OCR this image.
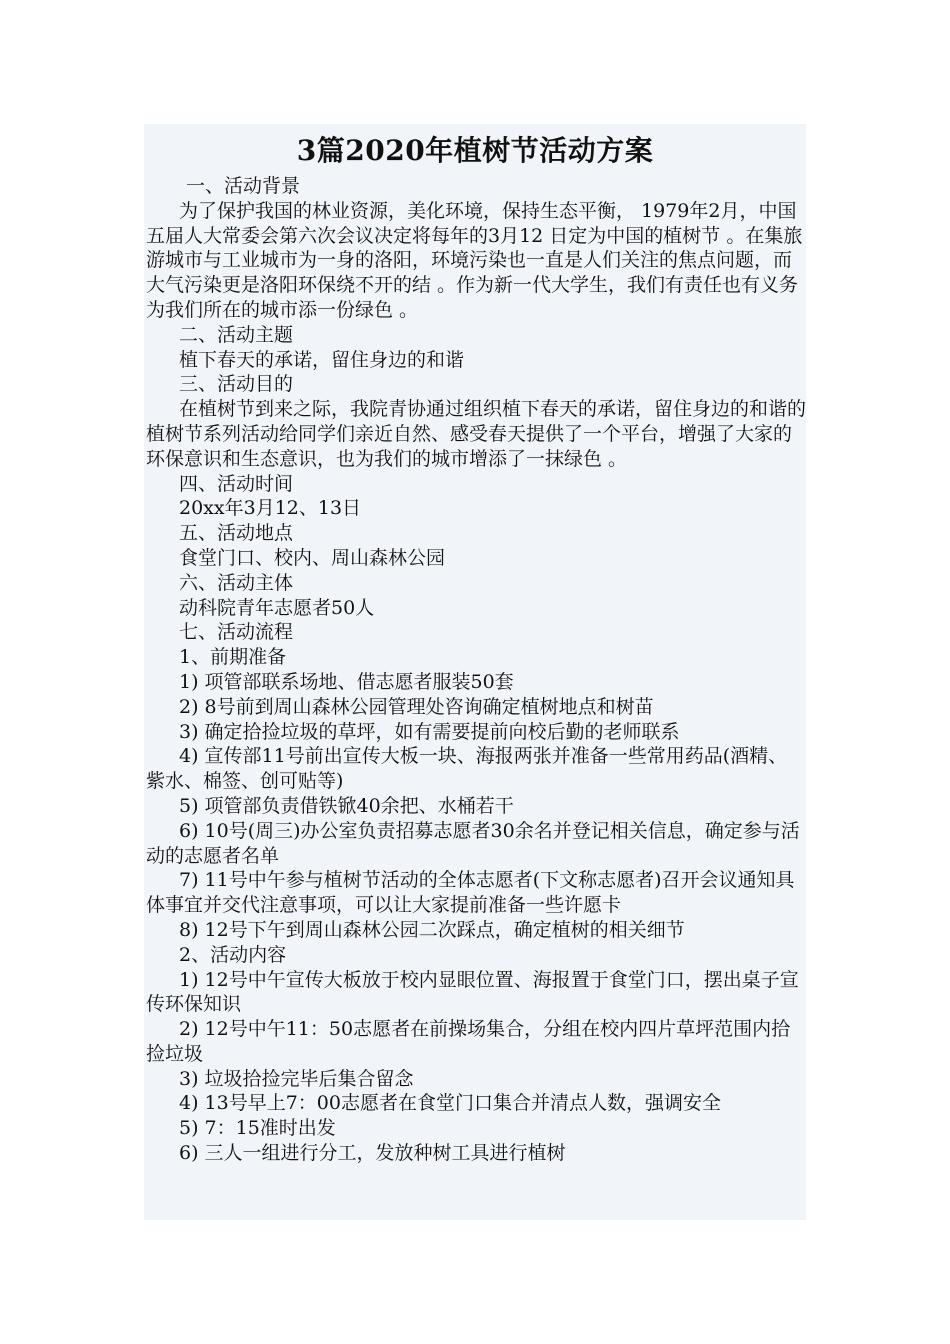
3篇2020年植树节活动方案
一、活动背景
为了保护我国的林业资源，美化环境，保持生态平衡， 1979年2月，中国五届人大常委会第六次会议决定将每年的3月12 日定为中国的植树节 。在集旅游城市与工业城市为一身的洛阳，环境污染也一直是人们关注的焦点问题，而大气污染更是洛阳环保绕不开的结 。作为新一代大学生，我们有责任也有义务为我们所在的城市添一份绿色 。
二、活动主题
植下春天的承诺，留住身边的和谐
三、活动目的
在植树节到来之际，我院青协通过组织植下春天的承诺，留住身边的和谐的植树节系列活动给同学们亲近自然、感受春天提供了一个平台，增强了大家的环保意识和生态意识，也为我们的城市增添了一抹绿色 。
四、活动时间
20xx年3月12、13日
五、活动地点
食堂门口、校内、周山森林公园
六、活动主体
动科院青年志愿者50人
七、活动流程
1、前期准备
1) 项管部联系场地、借志愿者服装50套
2) 8号前到周山森林公园管理处咨询确定植树地点和树苗
3) 确定拾捡垃圾的草坪，如有需要提前向校后勤的老师联系
4) 宣传部11号前出宣传大板一块、海报两张并准备一些常用药品(酒精、紫水、棉签、创可贴等)
5) 项管部负责借铁锨40余把、水桶若干
6) 10号(周三)办公室负责招募志愿者30余名并登记相关信息，确定参与活动的志愿者名单
7) 11号中午参与植树节活动的全体志愿者(下文称志愿者)召开会议通知具体事宜并交代注意事项，可以让大家提前准备一些许愿卡
8) 12号下午到周山森林公园二次踩点，确定植树的相关细节
2、活动内容
1) 12号中午宣传大板放于校内显眼位置、海报置于食堂门口，摆出桌子宣传环保知识
2) 12号中午11：50志愿者在前操场集合，分组在校内四片草坪范围内拾捡垃圾
3) 垃圾拾捡完毕后集合留念
4) 13号早上7：00志愿者在食堂门口集合并清点人数，强调安全
5) 7：15准时出发
6) 三人一组进行分工，发放种树工具进行植树
